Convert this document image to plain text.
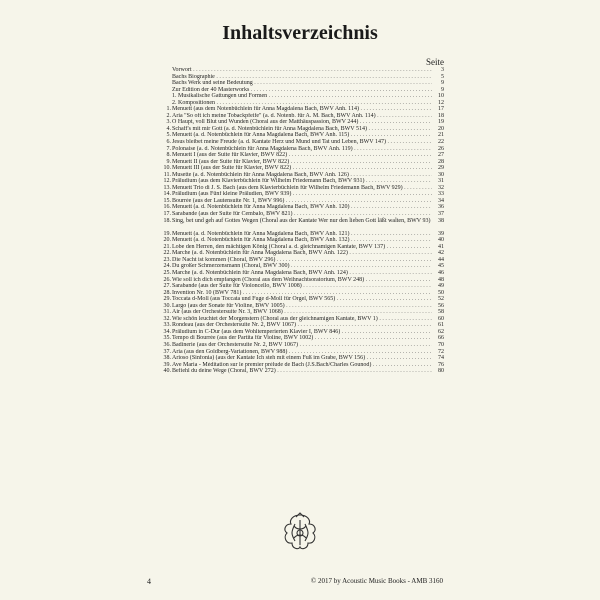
Inhaltsverzeichnis
Seite
Vorwort . . .	3
Bachs Biographie . . .	5
Bachs Werk und seine Bedeutung . . .	9
Zur Edition der 40 Masterworks . . .	9
1. Musikalische Gattungen und Formen . . .	10
2. Kompositionen . . .	12
1. Menuett (aus dem Notenbüchlein für Anna Magdalena Bach, BWV Anh. 114) . . .	17
2. Aria "So oft ich meine Tobackpfeife" (a. d. Notenb. für A. M. Bach, BWV Anh. 114) . . .	18
3. O Haupt, voll Blut und Wunden (Choral aus der Matthäuspassion, BWV 244) . . .	19
4. Schaff's mit mir Gott (a. d. Notenbüchlein für Anna Magdalena Bach, BWV 514) . . .	20
5. Menuett (a. d. Notenbüchlein für Anna Magdalena Bach, BWV Anh. 115) . . .	21
6. Jesus bleibet meine Freude (a. d. Kantate Herz und Mund und Tat und Leben, BWV 147) . . .	22
7. Polonaise (a. d. Notenbüchlein für Anna Magdalena Bach, BWV Anh. 119) . . .	26
8. Menuett I (aus der Suite für Klavier, BWV 822) . . .	27
9. Menuett II (aus der Suite für Klavier, BWV 822) . . .	28
10. Menuett III (aus der Suite für Klavier, BWV 822) . . .	29
11. Musette (a. d. Notenbüchlein für Anna Magdalena Bach, BWV Anh. 126) . . .	30
12. Präludium (aus dem Klavierbüchlein für Wilhelm Friedemann Bach, BWV 931) . . .	31
13. Menuett Trio di J. S. Bach (aus dem Klavierbüchlein für Wilhelm Friedemann Bach, BWV 929) . . .	32
14. Präludium (aus Fünf kleine Präludien, BWV 939) . . .	33
15. Bourrée (aus der Lautensuite Nr. 1, BWV 996) . . .	34
16. Menuett (a. d. Notenbüchlein für Anna Magdalena Bach, BWV Anh. 120) . . .	36
17. Sarabande (aus der Suite für Cembalo, BWV 821) . . .	37
18. Sing, bet und geh auf Gottes Wegen (Choral aus der Kantate Wer nur den lieben Gott läßt walten, BWV 93)	38
19. Menuett (a. d. Notenbüchlein für Anna Magdalena Bach, BWV Anh. 121) . . .	39
20. Menuett (a. d. Notenbüchlein für Anna Magdalena Bach, BWV Anh. 132) . . .	40
21. Lobe den Herren, den mächtigen König (Choral a. d. gleichnamigen Kantate, BWV 137) . . .	41
22. Marche (a. d. Notenbüchlein für Anna Magdalena Bach, BWV Anh. 122) . . .	42
23. Die Nacht ist kommen (Choral, BWV 296) . . .	44
24. Du großer Schmerzensmann (Choral, BWV 300) . . .	45
25. Marche (a. d. Notenbüchlein für Anna Magdalena Bach, BWV Anh. 124) . . .	46
26. Wie soll ich dich empfangen (Choral aus dem Weihnachtsoratorium, BWV 248) . . .	48
27. Sarabande (aus der Suite für Violoncello, BWV 1008) . . .	49
28. Invention Nr. 10 (BWV 781) . . .	50
29. Toccata d-Moll (aus Toccata und Fuge d-Moll für Orgel, BWV 565) . . .	52
30. Largo (aus der Sonate für Violine, BWV 1005) . . .	56
31. Air (aus der Orchestersuite Nr. 3, BWV 1068) . . .	58
32. Wie schön leuchtet der Morgenstern (Choral aus der gleichnamigen Kantate, BWV 1) . . .	60
33. Rondeau (aus der Orchestersuite Nr. 2, BWV 1067) . . .	61
34. Präludium in C-Dur (aus dem Wohltemperierten Klavier I, BWV 846) . . .	62
35. Tempo di Bourrée (aus der Partita für Violine, BWV 1002) . . .	66
36. Badinerie (aus der Orchestersuite Nr. 2, BWV 1067) . . .	70
37. Aria (aus den Goldberg-Variationen, BWV 988) . . .	72
38. Arioso (Sinfonia) (aus der Kantate Ich steh mit einem Fuß im Grabe, BWV 156) . . .	74
39. Ave Maria - Méditation sur le premier prélude de Bach (J.S.Bach/Charles Gounod) . . .	76
40. Befiehl du deine Wege (Choral, BWV 272) . . .	80
4	© 2017 by Acoustic Music Books - AMB 3160
